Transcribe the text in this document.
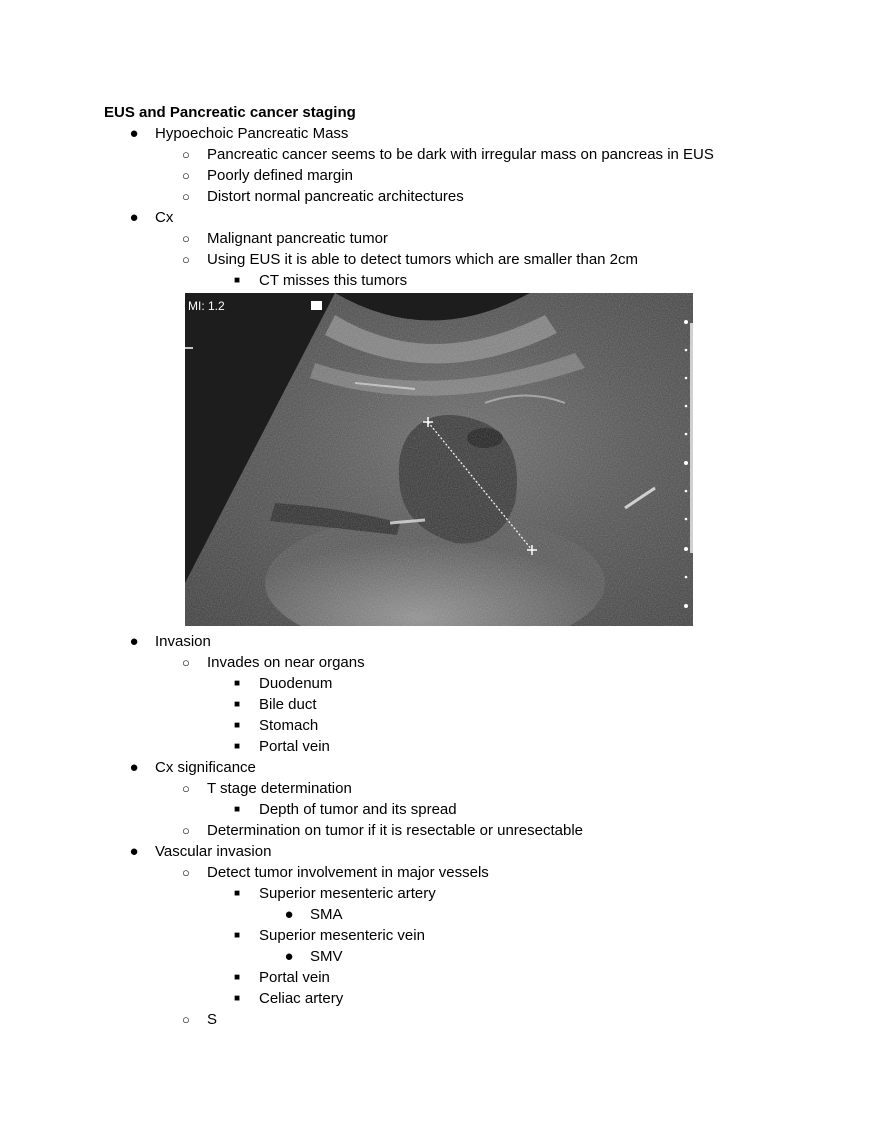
EUS and Pancreatic cancer staging
● Hypoechoic Pancreatic Mass
○ Pancreatic cancer seems to be dark with irregular mass on pancreas in EUS
○ Poorly defined margin
○ Distort normal pancreatic architectures
● Cx
○ Malignant pancreatic tumor
○ Using EUS it is able to detect tumors which are smaller than 2cm
■ CT misses this tumors
MI: 1.2
● Invasion
○ Invades on near organs
■ Duodenum
■ Bile duct
■ Stomach
■ Portal vein
● Cx significance
○ T stage determination
■ Depth of tumor and its spread
○ Determination on tumor if it is resectable or unresectable
● Vascular invasion
○ Detect tumor involvement in major vessels
■ Superior mesenteric artery
● SMA
■ Superior mesenteric vein
● SMV
■ Portal vein
■ Celiac artery
○ S
